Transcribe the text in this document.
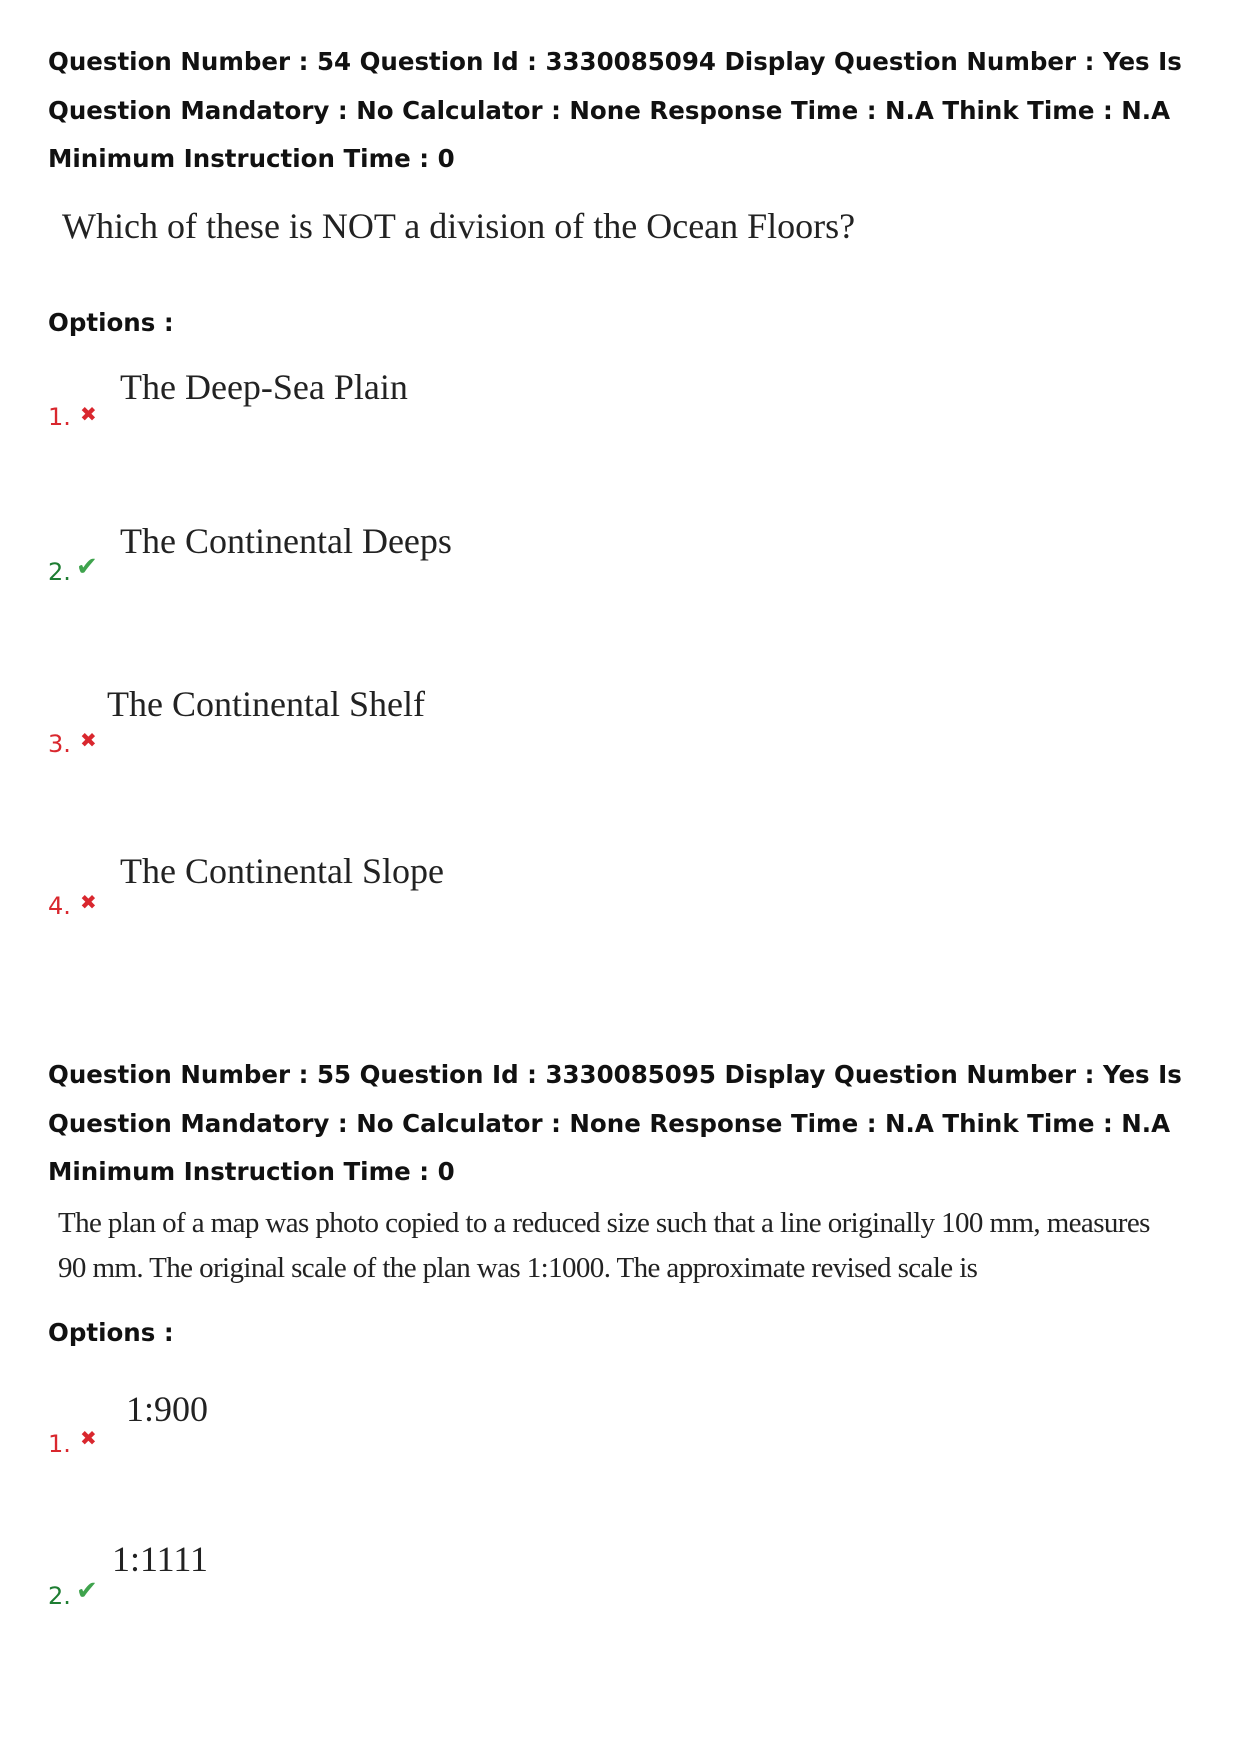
Question Number : 54 Question Id : 3330085094 Display Question Number : Yes Is Question Mandatory : No Calculator : None Response Time : N.A Think Time : N.A Minimum Instruction Time : 0

Which of these is NOT a division of the Ocean Floors?

Options :

1. ✖
The Deep-Sea Plain
2. ✔
The Continental Deeps
3. ✖
The Continental Shelf
4. ✖
The Continental Slope

Question Number : 55 Question Id : 3330085095 Display Question Number : Yes Is Question Mandatory : No Calculator : None Response Time : N.A Think Time : N.A Minimum Instruction Time : 0

The plan of a map was photo copied to a reduced size such that a line originally 100 mm, measures

90 mm. The original scale of the plan was 1:1000. The approximate revised scale is

Options :

1. ✖
1:900
2. ✔
1:1111
